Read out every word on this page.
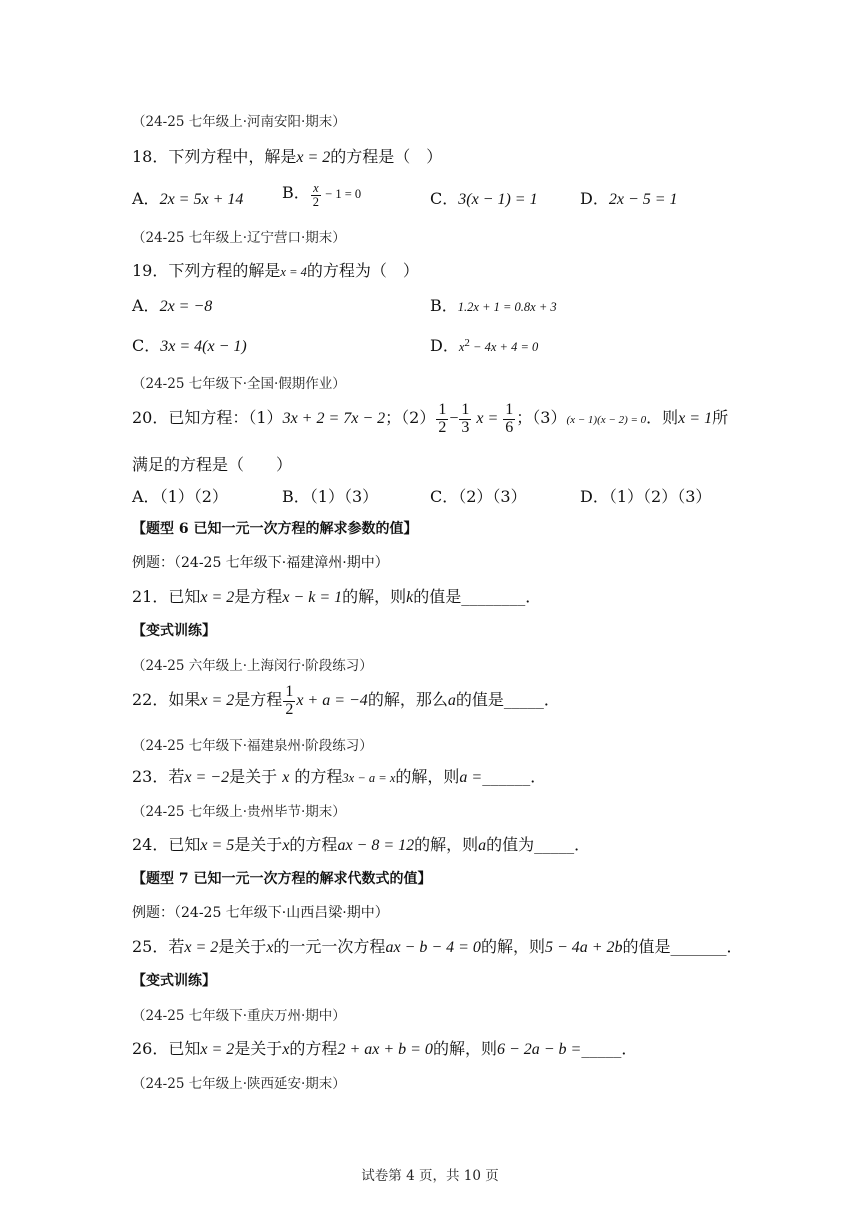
（24-25 七年级上·河南安阳·期末）
18．下列方程中，解是x = 2的方程是（　）
A．2x = 5x + 14 B． $\frac{x}{2} - 1 = 0$	C．3(x − 1) = 1	D．2x − 5 = 1
（24-25 七年级上·辽宁营口·期末）
19．下列方程的解是x = 4的方程为（　）
A．2x = −8	B．1.2x + 1 = 0.8x + 3
C．3x = 4(x − 1)	D．$x^2 - 4x + 4 = 0$
（24-25 七年级下·全国·假期作业）
20．已知方程：（1）3x + 2 = 7x − 2；$(2) \frac{1}{2} - \frac{1}{3}$ $x = \frac{1}{6}$ ；（3）(x − 1)(x − 2) = 0．则x = 1所
满足的方程是（　　）
A．（1）（2）	B．（1）（3）	C．（2）（3）	D．（1）（2）（3）
【题型 6 已知一元一次方程的解求参数的值】
例题：（24-25 七年级下·福建漳州·期中）
21．已知x = 2是方程x − k = 1的解，则k的值是________．
【变式训练】
（24-25 六年级上·上海闵行·阶段练习）
22．如果x = 2是方程 $\frac{1}{2}$ x + a = −4的解，那么a的值是_____．
（24-25 七年级下·福建泉州·阶段练习）
23．若x = −2是关于 x 的方程3x − a = x的解，则a =______．
（24-25 七年级上·贵州毕节·期末）
24．已知x = 5是关于x的方程ax − 8 = 12的解，则a的值为_____．
【题型 7 已知一元一次方程的解求代数式的值】
例题：（24-25 七年级下·山西吕梁·期中）
25．若x = 2是关于x的一元一次方程ax − b − 4 = 0的解，则5 − 4a + 2b的值是_______．
【变式训练】
（24-25 七年级下·重庆万州·期中）
26．已知x = 2是关于x的方程2 + ax + b = 0的解，则6 − 2a − b =_____．
（24-25 七年级上·陕西延安·期末）
试卷第 4 页，共 10 页
